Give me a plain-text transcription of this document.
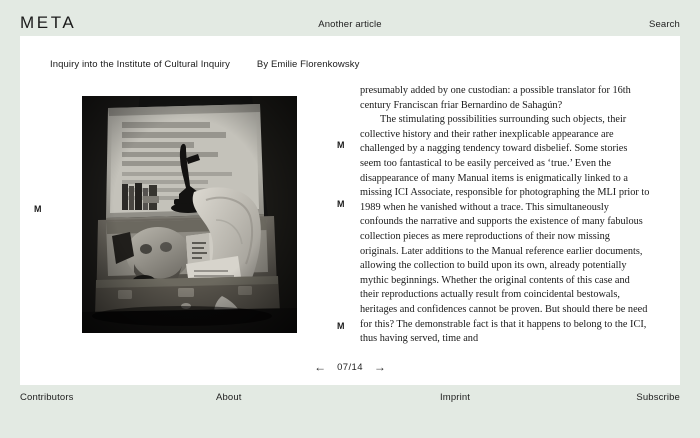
META	Another article	Search
Inquiry into the Institute of Cultural Inquiry	By Emilie Florenkowsky
M
M
M
M

presumably added by one custodian: a possible translator for 16th century Franciscan friar Bernardino de Sahagún?

The stimulating possibilities surrounding such objects, their collective history and their rather inexplicable appearance are challenged by a nagging tendency toward disbelief. Some stories seem too fantastical to be easily perceived as ‘true.’ Even the disappearance of many Manual items is enigmatically linked to a missing ICI Associate, responsible for photographing the MLI prior to 1989 when he vanished without a trace. This simultaneously confounds the narrative and supports the existence of many fabulous collection pieces as mere reproductions of their now missing originals. Later additions to the Manual reference earlier documents, allowing the collection to build upon its own, already potentially mythic beginnings. Whether the original contents of this case and their reproductions actually result from coincidental bestowals, heritages and confidences cannot be proven. But should there be need for this? The demonstrable fact is that it happens to belong to the ICI, thus having served, time and

← 07/14 →
Contributors	About	Imprint	Subscribe
